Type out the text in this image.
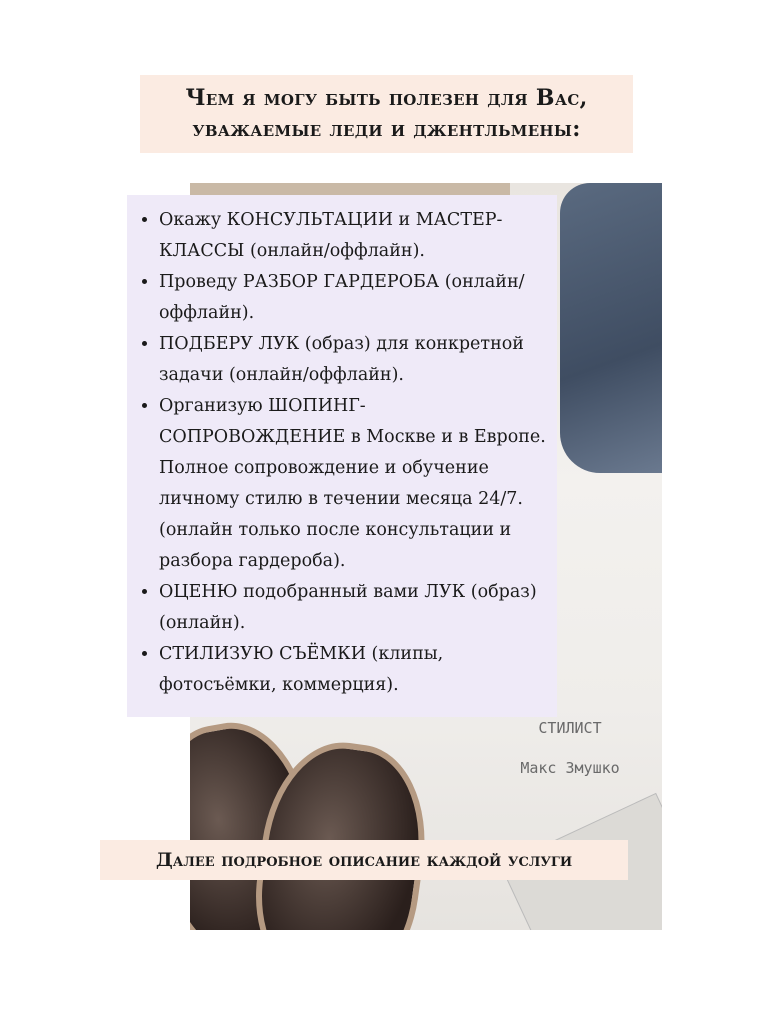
Чем я могу быть полезен для Вас,
уважаемые леди и джентльмены:
• Окажу КОНСУЛЬТАЦИИ и МАСТЕР-КЛАССЫ (онлайн/оффлайн).
• Проведу РАЗБОР ГАРДЕРОБА (онлайн/оффлайн).
• ПОДБЕРУ ЛУК (образ) для конкретной задачи (онлайн/оффлайн).
• Организую ШОПИНГ-СОПРОВОЖДЕНИЕ в Москве и в Европе. Полное сопровождение и обучение личному стилю в течении месяца 24/7. (онлайн только после консультации и разбора гардероба).
• ОЦЕНЮ подобранный вами ЛУК (образ)(онлайн).
• СТИЛИЗУЮ СЪЁМКИ (клипы, фотосъёмки, коммерция).
СТИЛИСТ
Макс Змушко
Далее подробное описание каждой услуги
